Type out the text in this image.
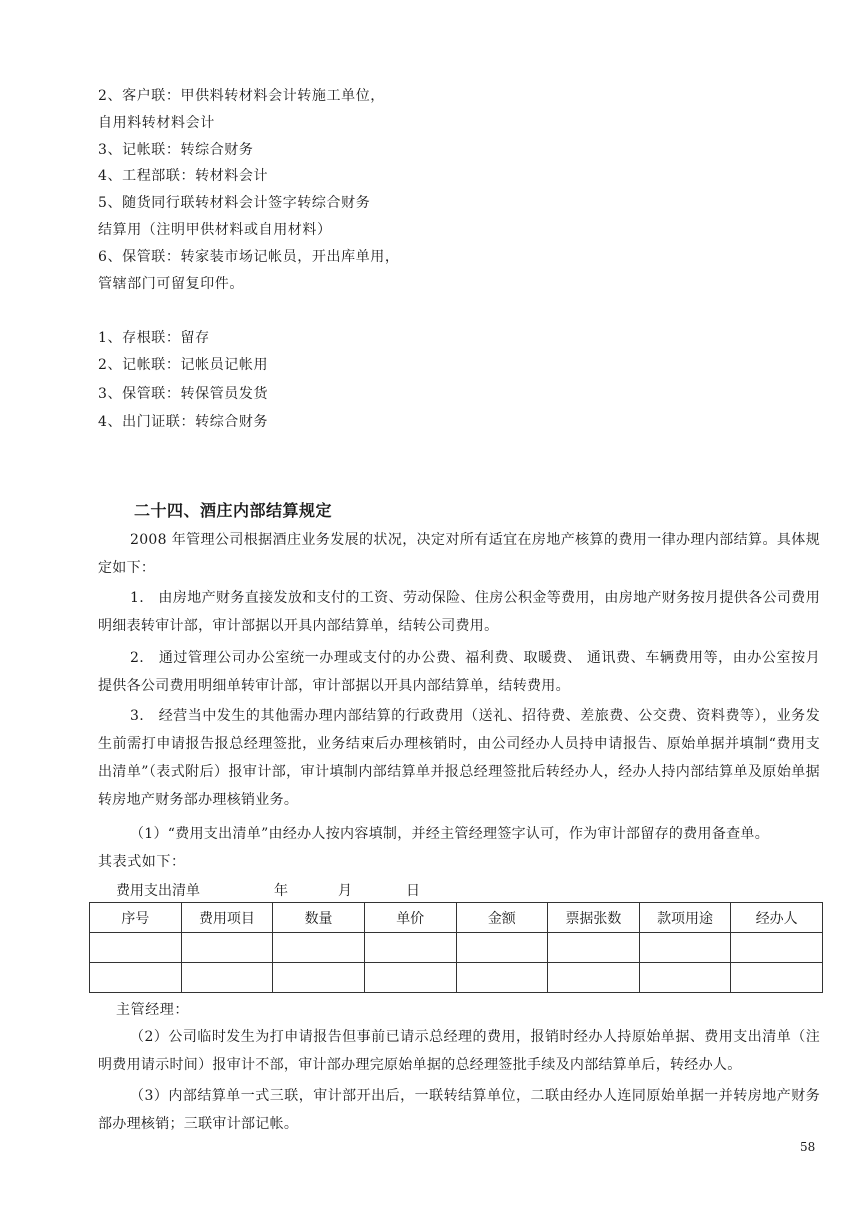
2、客户联：甲供料转材料会计转施工单位，
自用料转材料会计
3、记帐联：转综合财务
4、工程部联：转材料会计
5、随货同行联转材料会计签字转综合财务
结算用（注明甲供材料或自用材料）
6、保管联：转家装市场记帐员，开出库单用，
管辖部门可留复印件。
1、存根联：留存
2、记帐联：记帐员记帐用
3、保管联：转保管员发货
4、出门证联：转综合财务
二十四、酒庄内部结算规定
2008 年管理公司根据酒庄业务发展的状况，决定对所有适宜在房地产核算的费用一律办理内部结算。具体规定如下：
1.　由房地产财务直接发放和支付的工资、劳动保险、住房公积金等费用，由房地产财务按月提供各公司费用明细表转审计部，审计部据以开具内部结算单，结转公司费用。
2.　通过管理公司办公室统一办理或支付的办公费、福利费、取暖费、 通讯费、车辆费用等，由办公室按月提供各公司费用明细单转审计部，审计部据以开具内部结算单，结转费用。
3.　经营当中发生的其他需办理内部结算的行政费用（送礼、招待费、差旅费、公交费、资料费等），业务发生前需打申请报告报总经理签批，业务结束后办理核销时，由公司经办人员持申请报告、原始单据并填制“费用支出清单”（表式附后）报审计部，审计填制内部结算单并报总经理签批后转经办人，经办人持内部结算单及原始单据转房地产财务部办理核销业务。
（1）“费用支出清单”由经办人按内容填制，并经主管经理签字认可，作为审计部留存的费用备查单。
其表式如下：
费用支出清单	年	月	日
序号	费用项目	数量	单价	金额	票据张数	款项用途	经办人

主管经理：
（2）公司临时发生为打申请报告但事前已请示总经理的费用，报销时经办人持原始单据、费用支出清单（注明费用请示时间）报审计不部，审计部办理完原始单据的总经理签批手续及内部结算单后，转经办人。
（3）内部结算单一式三联，审计部开出后，一联转结算单位，二联由经办人连同原始单据一并转房地产财务部办理核销；三联审计部记帐。
58
